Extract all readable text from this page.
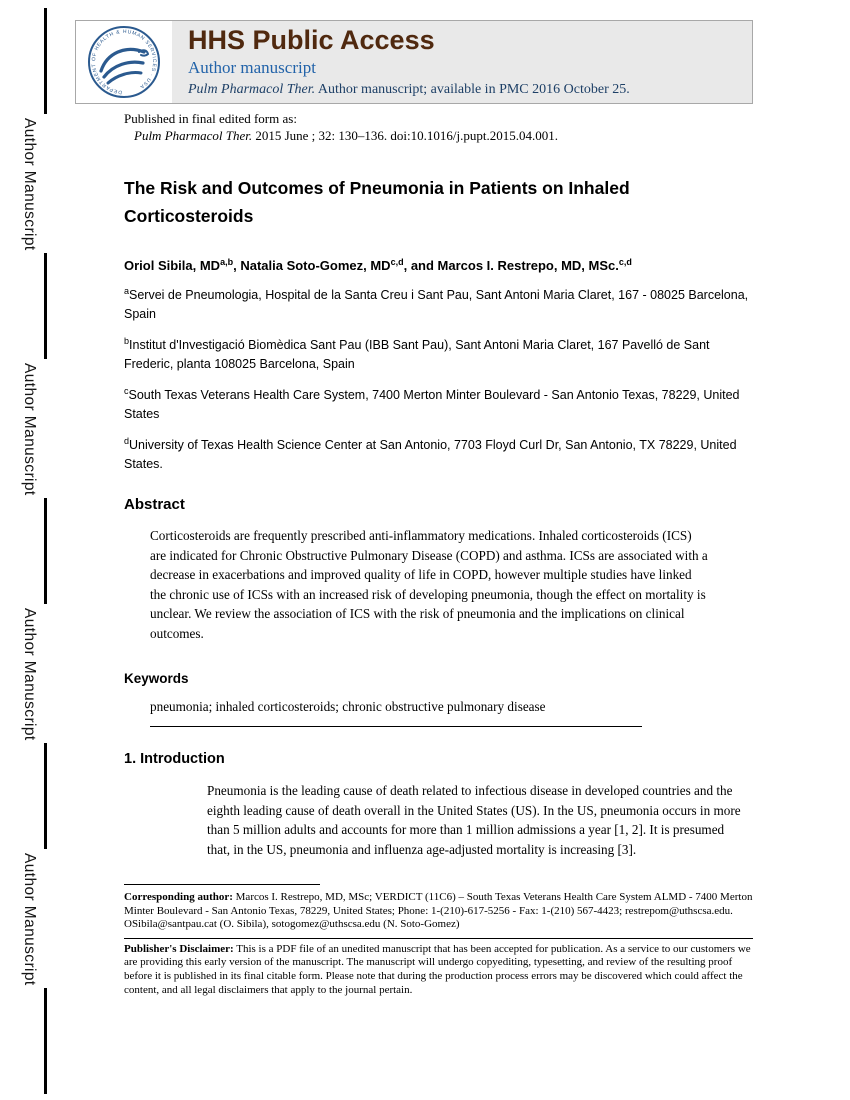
Author Manuscript
Author Manuscript
Author Manuscript
Author Manuscript
DEPARTMENT OF HEALTH & HUMAN SERVICES · USA
HHS Public Access
Author manuscript
Pulm Pharmacol Ther. Author manuscript; available in PMC 2016 October 25.
Published in final edited form as:
Pulm Pharmacol Ther. 2015 June ; 32: 130–136. doi:10.1016/j.pupt.2015.04.001.
The Risk and Outcomes of Pneumonia in Patients on Inhaled Corticosteroids

Oriol Sibila, MD$^{a,b}$, Natalia Soto-Gomez, MD$^{c,d}$, and Marcos I. Restrepo, MD, MSc.$^{c,d}$

$^a$Servei de Pneumologia, Hospital de la Santa Creu i Sant Pau, Sant Antoni Maria Claret, 167 - 08025 Barcelona, Spain

$^b$Institut d'Investigació Biomèdica Sant Pau (IBB Sant Pau), Sant Antoni Maria Claret, 167 Pavelló de Sant Frederic, planta 108025 Barcelona, Spain

$^c$South Texas Veterans Health Care System, 7400 Merton Minter Boulevard - San Antonio Texas, 78229, United States

$^d$University of Texas Health Science Center at San Antonio, 7703 Floyd Curl Dr, San Antonio, TX 78229, United States.

Abstract

Corticosteroids are frequently prescribed anti-inflammatory medications. Inhaled corticosteroids (ICS) are indicated for Chronic Obstructive Pulmonary Disease (COPD) and asthma. ICSs are associated with a decrease in exacerbations and improved quality of life in COPD, however multiple studies have linked the chronic use of ICSs with an increased risk of developing pneumonia, though the effect on mortality is unclear. We review the association of ICS with the risk of pneumonia and the implications on clinical outcomes.

Keywords

pneumonia; inhaled corticosteroids; chronic obstructive pulmonary disease

1. Introduction

Pneumonia is the leading cause of death related to infectious disease in developed countries and the eighth leading cause of death overall in the United States (US). In the US, pneumonia occurs in more than 5 million adults and accounts for more than 1 million admissions a year [1, 2]. It is presumed that, in the US, pneumonia and influenza age-adjusted mortality is increasing [3].

Corresponding author: Marcos I. Restrepo, MD, MSc; VERDICT (11C6) – South Texas Veterans Health Care System ALMD - 7400 Merton Minter Boulevard - San Antonio Texas, 78229, United States; Phone: 1-(210)-617-5256 - Fax: 1-(210) 567-4423; restrepom@uthscsa.edu.

OSibila@santpau.cat (O. Sibila), sotogomez@uthscsa.edu (N. Soto-Gomez)

Publisher's Disclaimer: This is a PDF file of an unedited manuscript that has been accepted for publication. As a service to our customers we are providing this early version of the manuscript. The manuscript will undergo copyediting, typesetting, and review of the resulting proof before it is published in its final citable form. Please note that during the production process errors may be discovered which could affect the content, and all legal disclaimers that apply to the journal pertain.
